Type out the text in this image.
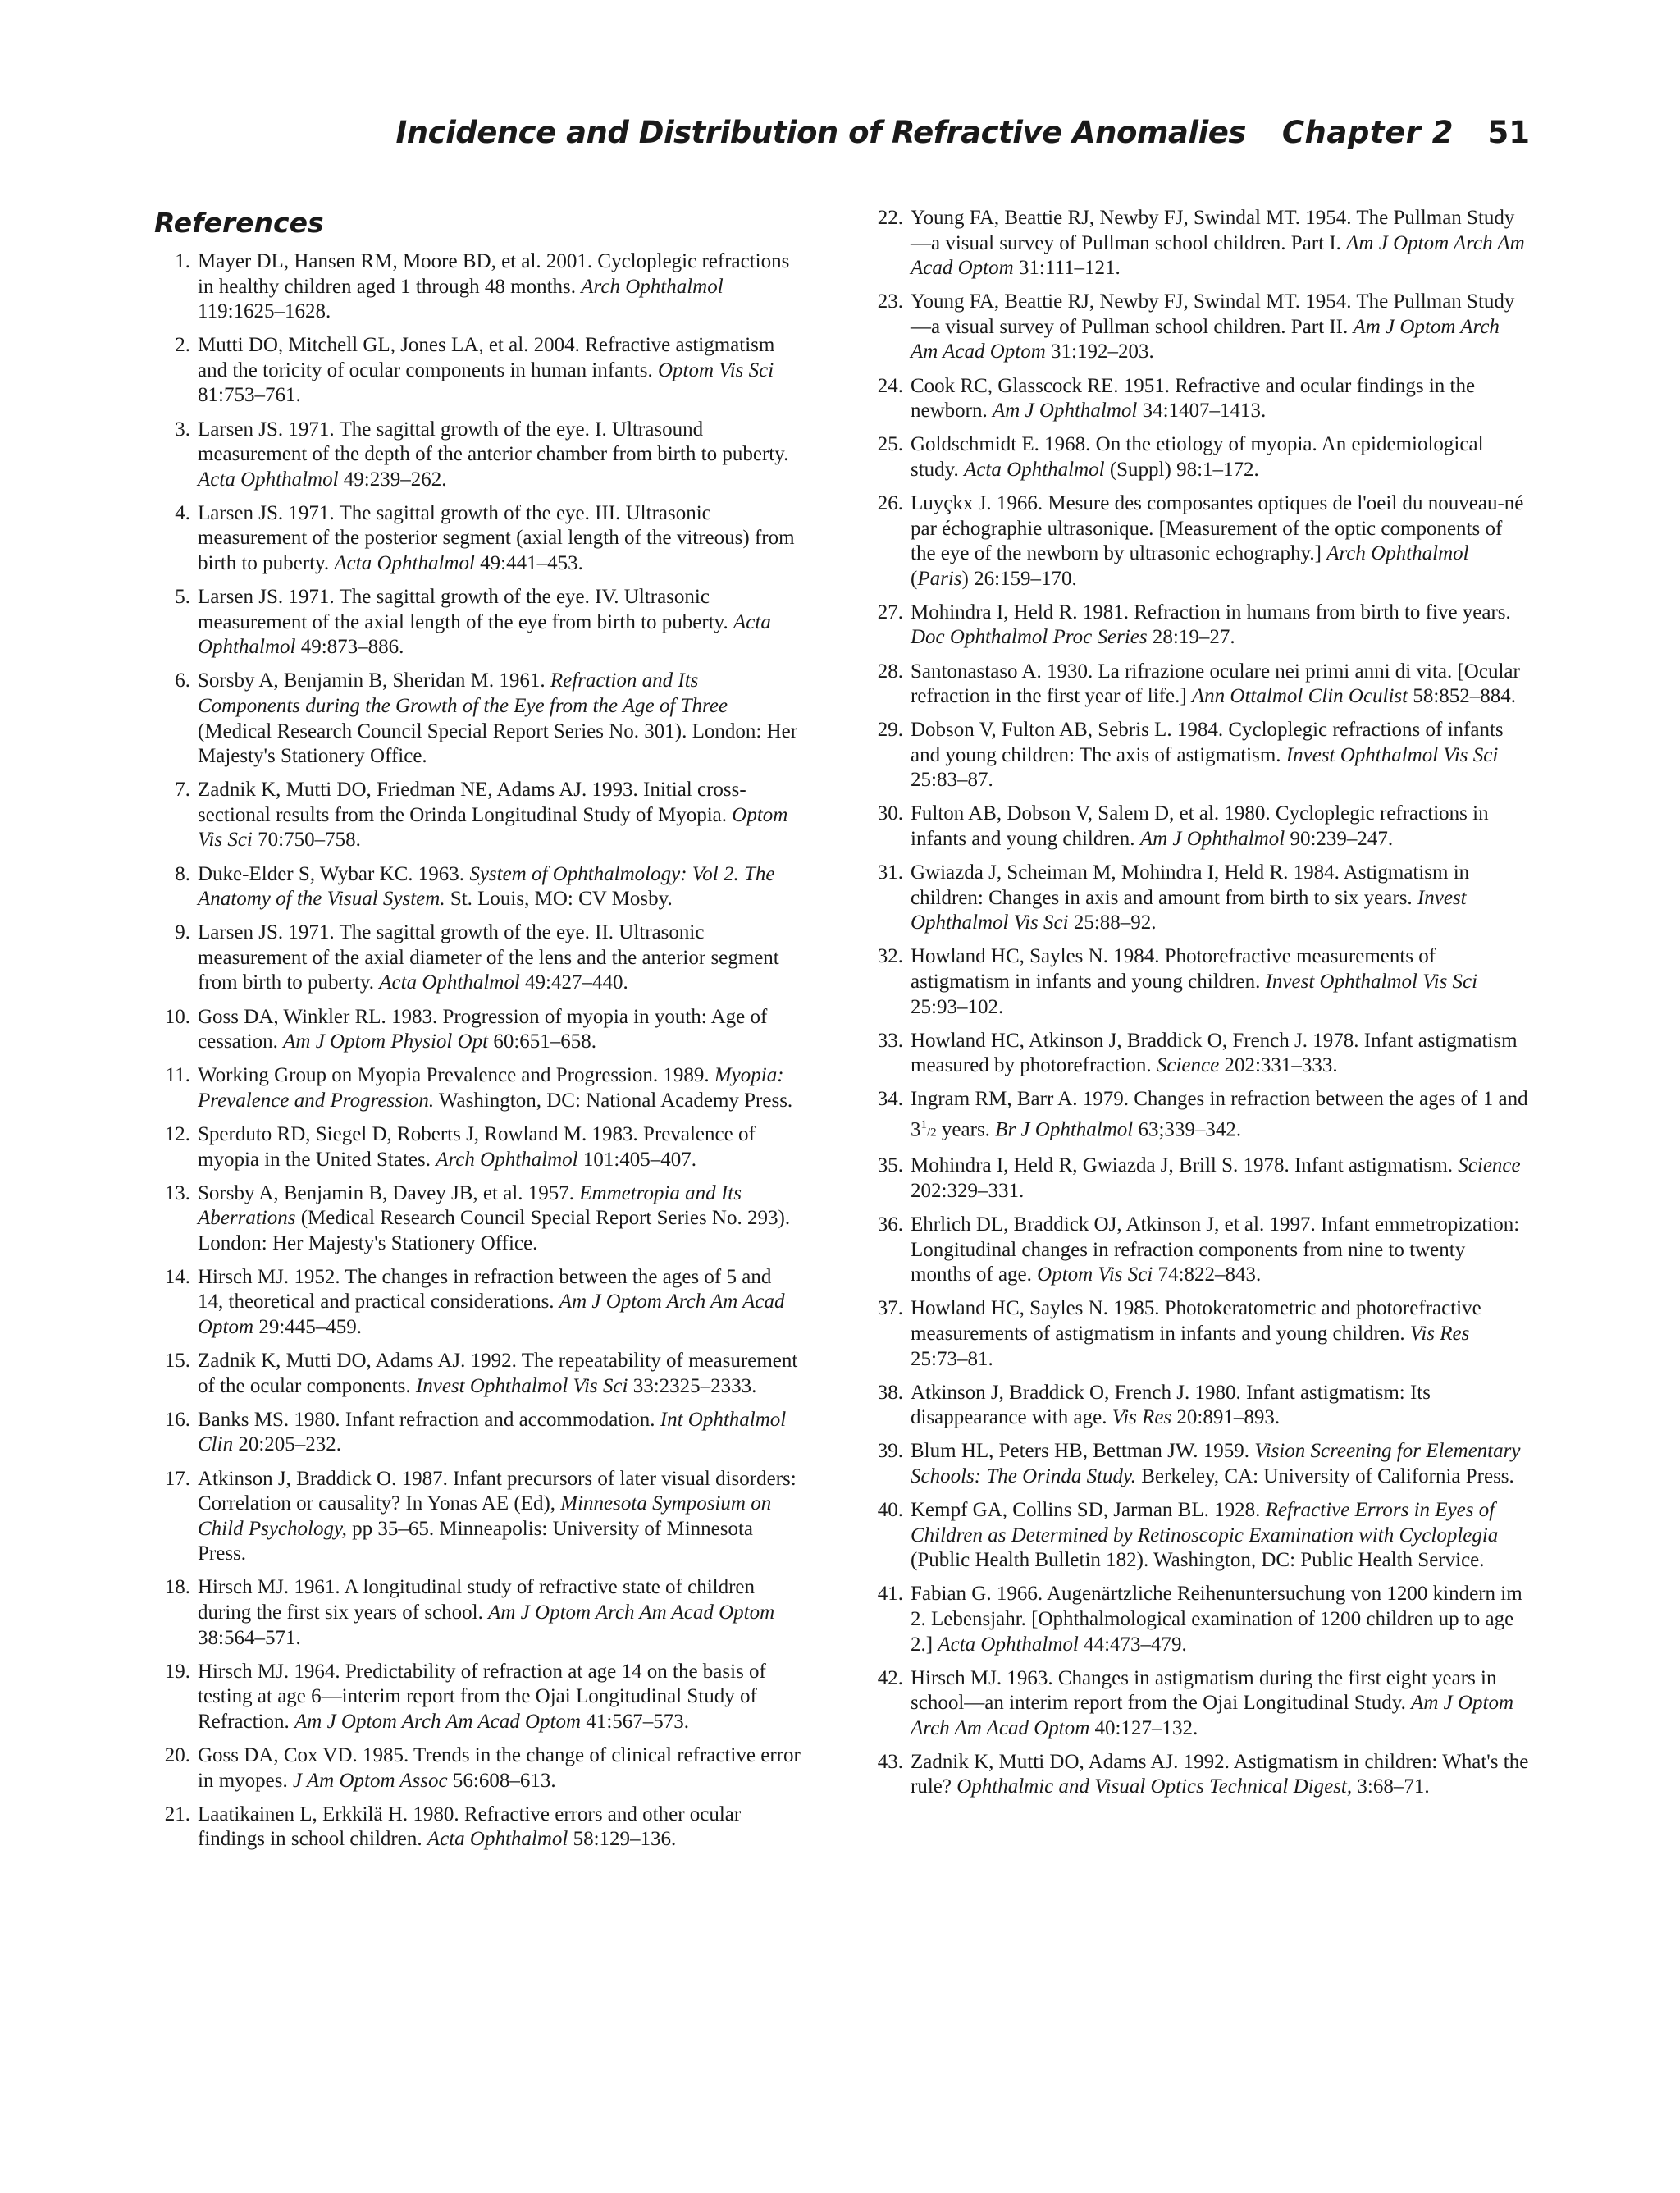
Incidence and Distribution of Refractive Anomalies Chapter 2	51
References
1. Mayer DL, Hansen RM, Moore BD, et al. 2001. Cycloplegic refractions in healthy children aged 1 through 48 months. Arch Ophthalmol 119:1625–1628.
2. Mutti DO, Mitchell GL, Jones LA, et al. 2004. Refractive astigmatism and the toricity of ocular components in human infants. Optom Vis Sci 81:753–761.
3. Larsen JS. 1971. The sagittal growth of the eye. I. Ultrasound measurement of the depth of the anterior chamber from birth to puberty. Acta Ophthalmol 49:239–262.
4. Larsen JS. 1971. The sagittal growth of the eye. III. Ultrasonic measurement of the posterior segment (axial length of the vitreous) from birth to puberty. Acta Ophthalmol 49:441–453.
5. Larsen JS. 1971. The sagittal growth of the eye. IV. Ultrasonic measurement of the axial length of the eye from birth to puberty. Acta Ophthalmol 49:873–886.
6. Sorsby A, Benjamin B, Sheridan M. 1961. Refraction and Its Components during the Growth of the Eye from the Age of Three (Medical Research Council Special Report Series No. 301). London: Her Majesty's Stationery Office.
7. Zadnik K, Mutti DO, Friedman NE, Adams AJ. 1993. Initial cross-sectional results from the Orinda Longitudinal Study of Myopia. Optom Vis Sci 70:750–758.
8. Duke-Elder S, Wybar KC. 1963. System of Ophthalmology: Vol 2. The Anatomy of the Visual System. St. Louis, MO: CV Mosby.
9. Larsen JS. 1971. The sagittal growth of the eye. II. Ultrasonic measurement of the axial diameter of the lens and the anterior segment from birth to puberty. Acta Ophthalmol 49:427–440.
10. Goss DA, Winkler RL. 1983. Progression of myopia in youth: Age of cessation. Am J Optom Physiol Opt 60:651–658.
11. Working Group on Myopia Prevalence and Progression. 1989. Myopia: Prevalence and Progression. Washington, DC: National Academy Press.
12. Sperduto RD, Siegel D, Roberts J, Rowland M. 1983. Prevalence of myopia in the United States. Arch Ophthalmol 101:405–407.
13. Sorsby A, Benjamin B, Davey JB, et al. 1957. Emmetropia and Its Aberrations (Medical Research Council Special Report Series No. 293). London: Her Majesty's Stationery Office.
14. Hirsch MJ. 1952. The changes in refraction between the ages of 5 and 14, theoretical and practical considerations. Am J Optom Arch Am Acad Optom 29:445–459.
15. Zadnik K, Mutti DO, Adams AJ. 1992. The repeatability of measurement of the ocular components. Invest Ophthalmol Vis Sci 33:2325–2333.
16. Banks MS. 1980. Infant refraction and accommodation. Int Ophthalmol Clin 20:205–232.
17. Atkinson J, Braddick O. 1987. Infant precursors of later visual disorders: Correlation or causality? In Yonas AE (Ed), Minnesota Symposium on Child Psychology, pp 35–65. Minneapolis: University of Minnesota Press.
18. Hirsch MJ. 1961. A longitudinal study of refractive state of children during the first six years of school. Am J Optom Arch Am Acad Optom 38:564–571.
19. Hirsch MJ. 1964. Predictability of refraction at age 14 on the basis of testing at age 6—interim report from the Ojai Longitudinal Study of Refraction. Am J Optom Arch Am Acad Optom 41:567–573.
20. Goss DA, Cox VD. 1985. Trends in the change of clinical refractive error in myopes. J Am Optom Assoc 56:608–613.
21. Laatikainen L, Erkkilä H. 1980. Refractive errors and other ocular findings in school children. Acta Ophthalmol 58:129–136.
22. Young FA, Beattie RJ, Newby FJ, Swindal MT. 1954. The Pullman Study—a visual survey of Pullman school children. Part I. Am J Optom Arch Am Acad Optom 31:111–121.
23. Young FA, Beattie RJ, Newby FJ, Swindal MT. 1954. The Pullman Study—a visual survey of Pullman school children. Part II. Am J Optom Arch Am Acad Optom 31:192–203.
24. Cook RC, Glasscock RE. 1951. Refractive and ocular findings in the newborn. Am J Ophthalmol 34:1407–1413.
25. Goldschmidt E. 1968. On the etiology of myopia. An epidemiological study. Acta Ophthalmol (Suppl) 98:1–172.
26. Luyçkx J. 1966. Mesure des composantes optiques de l'oeil du nouveau-né par échographie ultrasonique. [Measurement of the optic components of the eye of the newborn by ultrasonic echography.] Arch Ophthalmol (Paris) 26:159–170.
27. Mohindra I, Held R. 1981. Refraction in humans from birth to five years. Doc Ophthalmol Proc Series 28:19–27.
28. Santonastaso A. 1930. La rifrazione oculare nei primi anni di vita. [Ocular refraction in the first year of life.] Ann Ottalmol Clin Oculist 58:852–884.
29. Dobson V, Fulton AB, Sebris L. 1984. Cycloplegic refractions of infants and young children: The axis of astigmatism. Invest Ophthalmol Vis Sci 25:83–87.
30. Fulton AB, Dobson V, Salem D, et al. 1980. Cycloplegic refractions in infants and young children. Am J Ophthalmol 90:239–247.
31. Gwiazda J, Scheiman M, Mohindra I, Held R. 1984. Astigmatism in children: Changes in axis and amount from birth to six years. Invest Ophthalmol Vis Sci 25:88–92.
32. Howland HC, Sayles N. 1984. Photorefractive measurements of astigmatism in infants and young children. Invest Ophthalmol Vis Sci 25:93–102.
33. Howland HC, Atkinson J, Braddick O, French J. 1978. Infant astigmatism measured by photorefraction. Science 202:331–333.
34. Ingram RM, Barr A. 1979. Changes in refraction between the ages of 1 and $3^1/2$ years. Br J Ophthalmol 63;339–342.
35. Mohindra I, Held R, Gwiazda J, Brill S. 1978. Infant astigmatism. Science 202:329–331.
36. Ehrlich DL, Braddick OJ, Atkinson J, et al. 1997. Infant emmetropization: Longitudinal changes in refraction components from nine to twenty months of age. Optom Vis Sci 74:822–843.
37. Howland HC, Sayles N. 1985. Photokeratometric and photorefractive measurements of astigmatism in infants and young children. Vis Res 25:73–81.
38. Atkinson J, Braddick O, French J. 1980. Infant astigmatism: Its disappearance with age. Vis Res 20:891–893.
39. Blum HL, Peters HB, Bettman JW. 1959. Vision Screening for Elementary Schools: The Orinda Study. Berkeley, CA: University of California Press.
40. Kempf GA, Collins SD, Jarman BL. 1928. Refractive Errors in Eyes of Children as Determined by Retinoscopic Examination with Cycloplegia (Public Health Bulletin 182). Washington, DC: Public Health Service.
41. Fabian G. 1966. Augenärtzliche Reihenuntersuchung von 1200 kindern im 2. Lebensjahr. [Ophthalmological examination of 1200 children up to age 2.] Acta Ophthalmol 44:473–479.
42. Hirsch MJ. 1963. Changes in astigmatism during the first eight years in school—an interim report from the Ojai Longitudinal Study. Am J Optom Arch Am Acad Optom 40:127–132.
43. Zadnik K, Mutti DO, Adams AJ. 1992. Astigmatism in children: What's the rule? Ophthalmic and Visual Optics Technical Digest, 3:68–71.
